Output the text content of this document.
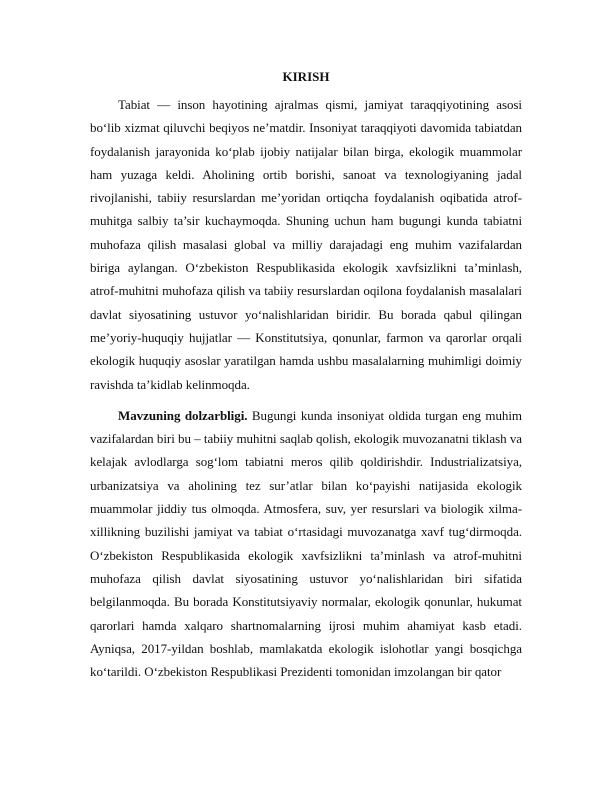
KIRISH

Tabiat — inson hayotining ajralmas qismi, jamiyat taraqqiyotining asosi bo‘lib xizmat qiluvchi beqiyos ne’matdir. Insoniyat taraqqiyoti davomida tabiatdan foydalanish jarayonida ko‘plab ijobiy natijalar bilan birga, ekologik muammolar ham yuzaga keldi. Aholining ortib borishi, sanoat va texnologiyaning jadal rivojlanishi, tabiiy resurslardan me’yoridan ortiqcha foydalanish oqibatida atrof-muhitga salbiy ta’sir kuchaymoqda. Shuning uchun ham bugungi kunda tabiatni muhofaza qilish masalasi global va milliy darajadagi eng muhim vazifalardan biriga aylangan. O‘zbekiston Respublikasida ekologik xavfsizlikni ta’minlash, atrof-muhitni muhofaza qilish va tabiiy resurslardan oqilona foydalanish masalalari davlat siyosatining ustuvor yo‘nalishlaridan biridir. Bu borada qabul qilingan me’yoriy-huquqiy hujjatlar — Konstitutsiya, qonunlar, farmon va qarorlar orqali ekologik huquqiy asoslar yaratilgan hamda ushbu masalalarning muhimligi doimiy ravishda ta’kidlab kelinmoqda.

Mavzuning dolzarbligi. Bugungi kunda insoniyat oldida turgan eng muhim vazifalardan biri bu – tabiiy muhitni saqlab qolish, ekologik muvozanatni tiklash va kelajak avlodlarga sog‘lom tabiatni meros qilib qoldirishdir. Industrializatsiya, urbanizatsiya va aholining tez sur’atlar bilan ko‘payishi natijasida ekologik muammolar jiddiy tus olmoqda. Atmosfera, suv, yer resurslari va biologik xilma-xillikning buzilishi jamiyat va tabiat o‘rtasidagi muvozanatga xavf tug‘dirmoqda. O‘zbekiston Respublikasida ekologik xavfsizlikni ta’minlash va atrof-muhitni muhofaza qilish davlat siyosatining ustuvor yo‘nalishlaridan biri sifatida belgilanmoqda. Bu borada Konstitutsiyaviy normalar, ekologik qonunlar, hukumat qarorlari hamda xalqaro shartnomalarning ijrosi muhim ahamiyat kasb etadi. Ayniqsa, 2017-yildan boshlab, mamlakatda ekologik islohotlar yangi bosqichga ko‘tarildi. O‘zbekiston Respublikasi Prezidenti tomonidan imzolangan bir qator
